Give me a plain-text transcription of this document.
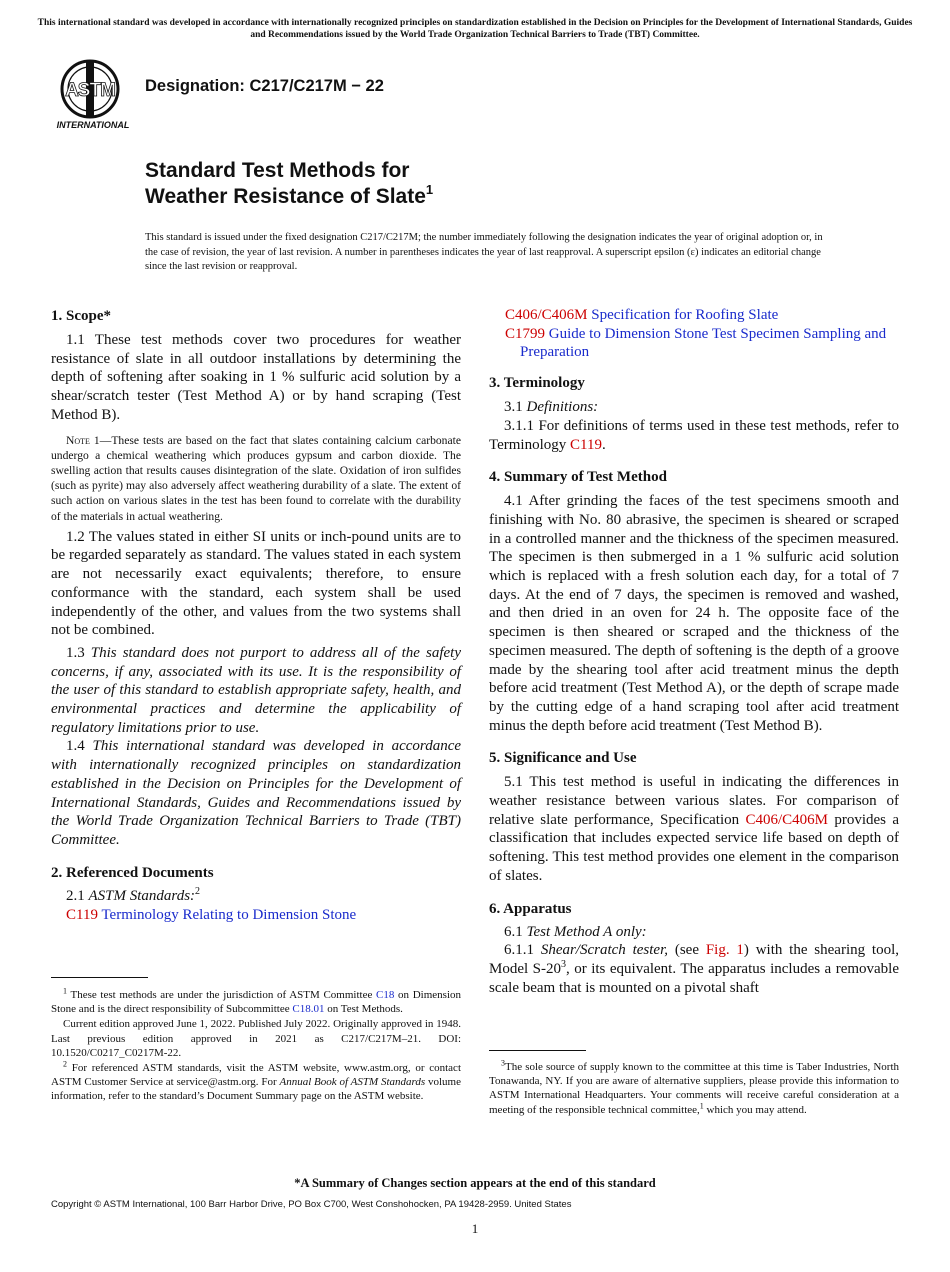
This international standard was developed in accordance with internationally recognized principles on standardization established in the Decision on Principles for the Development of International Standards, Guides and Recommendations issued by the World Trade Organization Technical Barriers to Trade (TBT) Committee.
ASTM
INTERNATIONAL
Designation: C217/C217M − 22
Standard Test Methods for
Weather Resistance of Slate$^1$
This standard is issued under the fixed designation C217/C217M; the number immediately following the designation indicates the year of original adoption or, in the case of revision, the year of last revision. A number in parentheses indicates the year of last reapproval. A superscript epsilon (ε) indicates an editorial change since the last revision or reapproval.

1. Scope*

1.1 These test methods cover two procedures for weather resistance of slate in all outdoor installations by determining the depth of softening after soaking in 1 % sulfuric acid solution by a shear/scratch tester (Test Method A) or by hand scraping (Test Method B).

Note 1—These tests are based on the fact that slates containing calcium carbonate undergo a chemical weathering which produces gypsum and carbon dioxide. The swelling action that results causes disintegration of the slate. Oxidation of iron sulfides (such as pyrite) may also adversely affect weathering durability of a slate. The extent of such action on various slates in the test has been found to correlate with the durability of the materials in actual weathering.

1.2 The values stated in either SI units or inch-pound units are to be regarded separately as standard. The values stated in each system are not necessarily exact equivalents; therefore, to ensure conformance with the standard, each system shall be used independently of the other, and values from the two systems shall not be combined.

1.3 This standard does not purport to address all of the safety concerns, if any, associated with its use. It is the responsibility of the user of this standard to establish appropriate safety, health, and environmental practices and determine the applicability of regulatory limitations prior to use.

1.4 This international standard was developed in accordance with internationally recognized principles on standardization established in the Decision on Principles for the Development of International Standards, Guides and Recommendations issued by the World Trade Organization Technical Barriers to Trade (TBT) Committee.

2. Referenced Documents

2.1 ASTM Standards:$^2$

C119 Terminology Relating to Dimension Stone

C406/C406M Specification for Roofing Slate

C1799 Guide to Dimension Stone Test Specimen Sampling and Preparation

3. Terminology

3.1 Definitions:

3.1.1 For definitions of terms used in these test methods, refer to Terminology C119.

4. Summary of Test Method

4.1 After grinding the faces of the test specimens smooth and finishing with No. 80 abrasive, the specimen is sheared or scraped in a controlled manner and the thickness of the specimen measured. The specimen is then submerged in a 1 % sulfuric acid solution which is replaced with a fresh solution each day, for a total of 7 days. At the end of 7 days, the specimen is removed and washed, and then dried in an oven for 24 h. The opposite face of the specimen is then sheared or scraped and the thickness of the specimen measured. The depth of softening is the depth of a groove made by the shearing tool after acid treatment minus the depth before acid treatment (Test Method A), or the depth of scrape made by the cutting edge of a hand scraping tool after acid treatment minus the depth before acid treatment (Test Method B).

5. Significance and Use

5.1 This test method is useful in indicating the differences in weather resistance between various slates. For comparison of relative slate performance, Specification C406/C406M provides a classification that includes expected service life based on depth of softening. This test method provides one element in the comparison of slates.

6. Apparatus

6.1 Test Method A only:

6.1.1 Shear/Scratch tester, (see Fig. 1) with the shearing tool, Model $S-20^3$, or its equivalent. The apparatus includes a removable scale beam that is mounted on a pivotal shaft

$^1$ These test methods are under the jurisdiction of ASTM Committee C18 on Dimension Stone and is the direct responsibility of Subcommittee C18.01 on Test Methods.

Current edition approved June 1, 2022. Published July 2022. Originally approved in 1948. Last previous edition approved in 2021 as C217/C217M–21. DOI: 10.1520/C0217_C0217M-22.

$^2$ For referenced ASTM standards, visit the ASTM website, www.astm.org, or contact ASTM Customer Service at service@astm.org. For Annual Book of ASTM Standards volume information, refer to the standard’s Document Summary page on the ASTM website.

$^3$The sole source of supply known to the committee at this time is Taber Industries, North Tonawanda, NY. If you are aware of alternative suppliers, please provide this information to ASTM International Headquarters. Your comments will receive careful consideration at a meeting of the responsible technical committee,$^1$ which you may attend.

*A Summary of Changes section appears at the end of this standard
Copyright © ASTM International, 100 Barr Harbor Drive, PO Box C700, West Conshohocken, PA 19428-2959. United States
1
